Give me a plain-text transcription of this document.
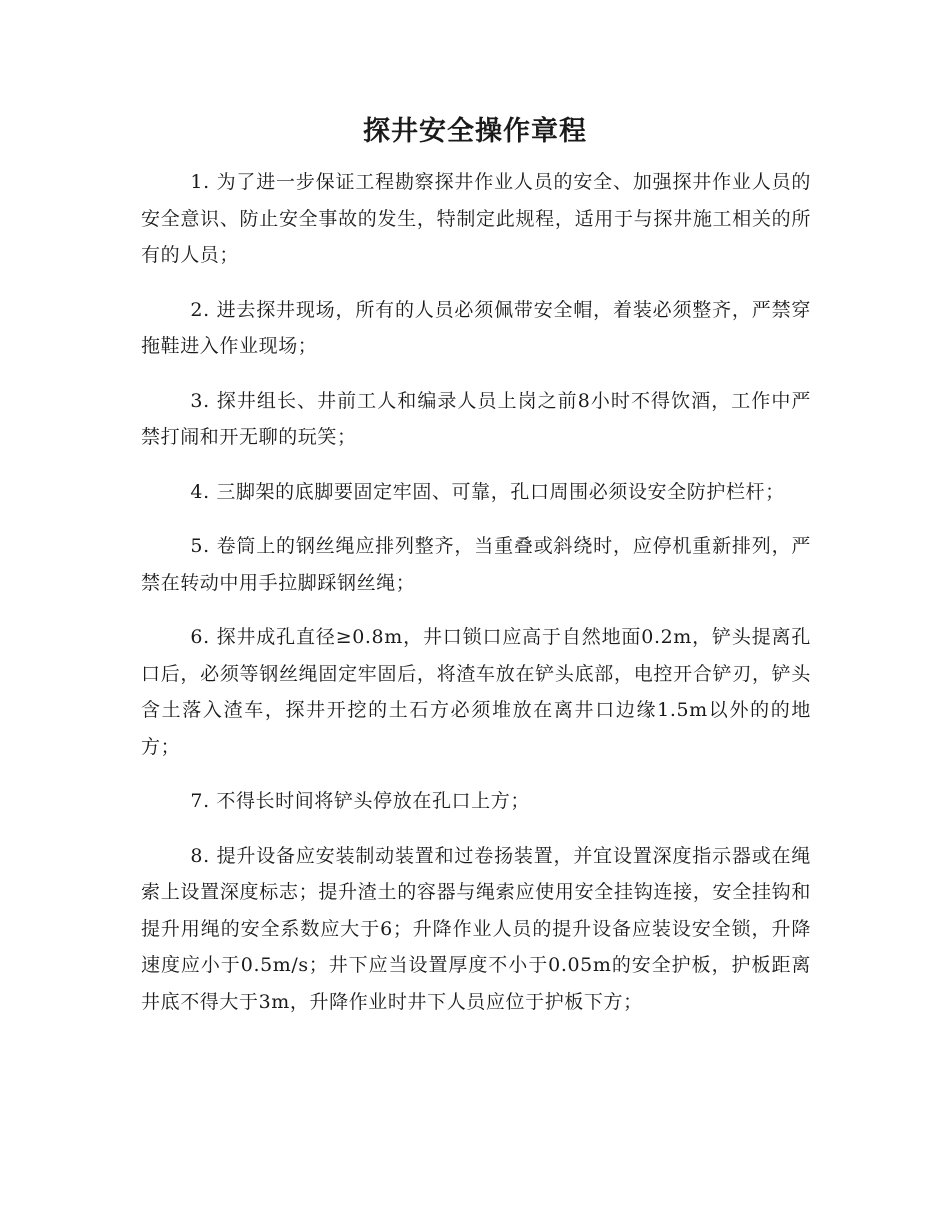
探井安全操作章程

1. 为了进一步保证工程勘察探井作业人员的安全、加强探井作业人员的安全意识、防止安全事故的发生，特制定此规程，适用于与探井施工相关的所有的人员；

2. 进去探井现场，所有的人员必须佩带安全帽，着装必须整齐，严禁穿拖鞋进入作业现场；

3. 探井组长、井前工人和编录人员上岗之前8小时不得饮酒，工作中严禁打闹和开无聊的玩笑；

4. 三脚架的底脚要固定牢固、可靠，孔口周围必须设安全防护栏杆；

5. 卷筒上的钢丝绳应排列整齐，当重叠或斜绕时，应停机重新排列，严禁在转动中用手拉脚踩钢丝绳；

6. 探井成孔直径≥0.8m，井口锁口应高于自然地面0.2m，铲头提离孔口后，必须等钢丝绳固定牢固后，将渣车放在铲头底部，电控开合铲刃，铲头含土落入渣车，探井开挖的土石方必须堆放在离井口边缘1.5m以外的的地方；

7. 不得长时间将铲头停放在孔口上方；

8. 提升设备应安装制动装置和过卷扬装置，并宜设置深度指示器或在绳索上设置深度标志；提升渣土的容器与绳索应使用安全挂钩连接，安全挂钩和提升用绳的安全系数应大于6；升降作业人员的提升设备应装设安全锁，升降速度应小于0.5m/s；井下应当设置厚度不小于0.05m的安全护板，护板距离井底不得大于3m，升降作业时井下人员应位于护板下方；
